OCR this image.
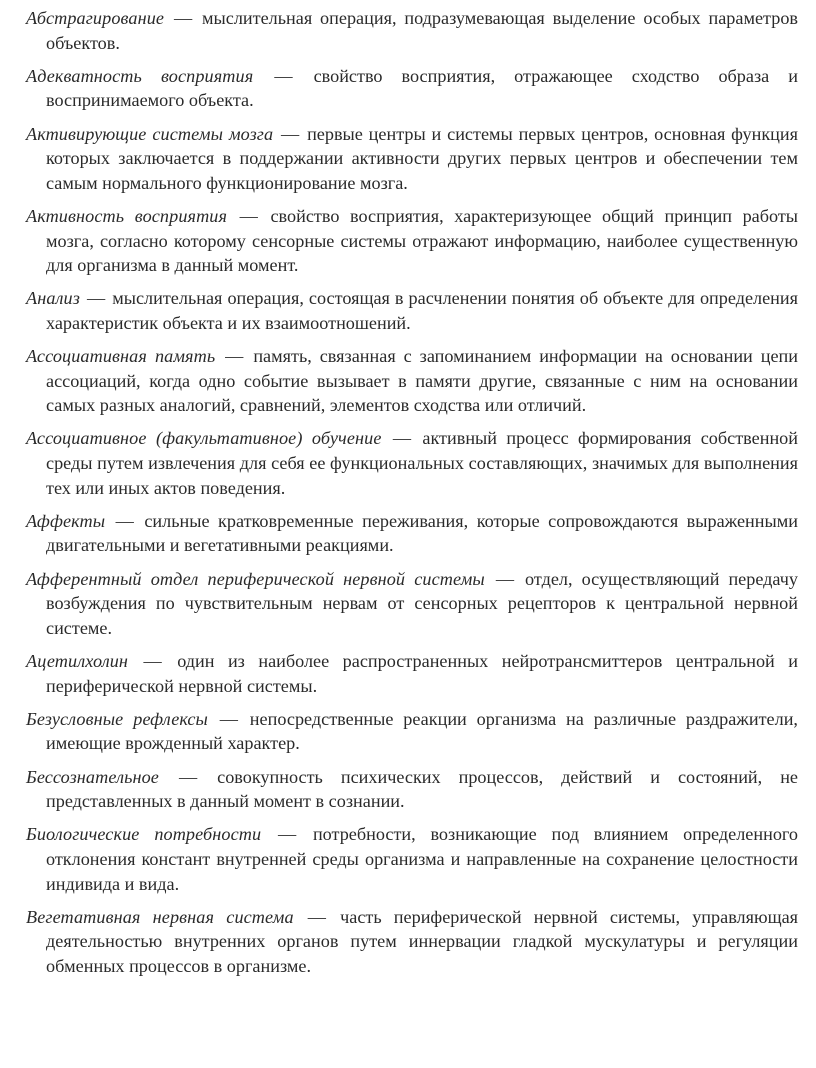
Абстрагирование — мыслительная операция, подразумевающая выделение особых параметров объектов.

Адекватность восприятия — свойство восприятия, отражающее сходство образа и воспринимаемого объекта.

Активирующие системы мозга — первые центры и системы первых центров, основная функция которых заключается в поддержании активности других первых центров и обеспечении тем самым нормального функционирование мозга.

Активность восприятия — свойство восприятия, характеризующее общий принцип работы мозга, согласно которому сенсорные системы отражают информацию, наиболее существенную для организма в данный момент.

Анализ — мыслительная операция, состоящая в расчленении понятия об объекте для определения характеристик объекта и их взаимоотношений.

Ассоциативная память — память, связанная с запоминанием информации на основании цепи ассоциаций, когда одно событие вызывает в памяти другие, связанные с ним на основании самых разных аналогий, сравнений, элементов сходства или отличий.

Ассоциативное (факультативное) обучение — активный процесс формирования собственной среды путем извлечения для себя ее функциональных составляющих, значимых для выполнения тех или иных актов поведения.

Аффекты — сильные кратковременные переживания, которые сопровождаются выраженными двигательными и вегетативными реакциями.

Афферентный отдел периферической нервной системы — отдел, осуществляющий передачу возбуждения по чувствительным нервам от сенсорных рецепторов к центральной нервной системе.

Ацетилхолин — один из наиболее распространенных нейротрансмиттеров центральной и периферической нервной системы.

Безусловные рефлексы — непосредственные реакции организма на различные раздражители, имеющие врожденный характер.

Бессознательное — совокупность психических процессов, действий и состояний, не представленных в данный момент в сознании.

Биологические потребности — потребности, возникающие под влиянием определенного отклонения констант внутренней среды организма и направленные на сохранение целостности индивида и вида.

Вегетативная нервная система — часть периферической нервной системы, управляющая деятельностью внутренних органов путем иннервации гладкой мускулатуры и регуляции обменных процессов в организме.
